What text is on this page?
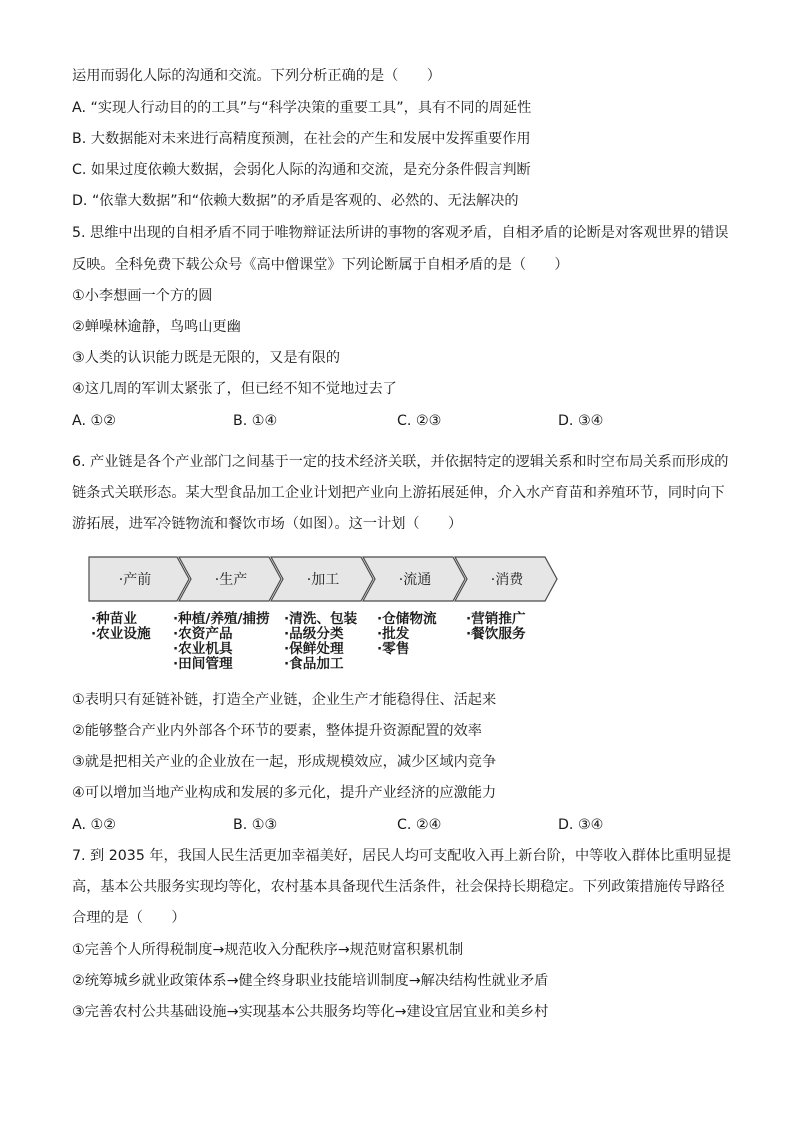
运用而弱化人际的沟通和交流。下列分析正确的是（　　）
A. “实现人行动目的的工具”与“科学决策的重要工具”，具有不同的周延性
B. 大数据能对未来进行高精度预测，在社会的产生和发展中发挥重要作用
C. 如果过度依赖大数据，会弱化人际的沟通和交流，是充分条件假言判断
D. “依靠大数据”和“依赖大数据”的矛盾是客观的、必然的、无法解决的
5. 思维中出现的自相矛盾不同于唯物辩证法所讲的事物的客观矛盾，自相矛盾的论断是对客观世界的错误
反映。全科免费下载公众号《高中僧课堂》下列论断属于自相矛盾的是（　　）
①小李想画一个方的圆
②蝉噪林逾静，鸟鸣山更幽
③人类的认识能力既是无限的，又是有限的
④这几周的军训太紧张了，但已经不知不觉地过去了
A. ①②	B. ①④	C. ②③	D. ③④
6. 产业链是各个产业部门之间基于一定的技术经济关联，并依据特定的逻辑关系和时空布局关系而形成的
链条式关联形态。某大型食品加工企业计划把产业向上游拓展延伸，介入水产育苗和养殖环节，同时向下
游拓展，进军冷链物流和餐饮市场（如图）。这一计划（　　）
·产前	·生产	·加工	·流通	·消费
·种苗业
·农业设施
·种植/养殖/捕捞
·农资产品
·农业机具
·田间管理
·清洗、包装
·品级分类
·保鲜处理
·食品加工
·仓储物流
·批发
·零售
·营销推广
·餐饮服务
①表明只有延链补链，打造全产业链，企业生产才能稳得住、活起来
②能够整合产业内外部各个环节的要素，整体提升资源配置的效率
③就是把相关产业的企业放在一起，形成规模效应，减少区域内竞争
④可以增加当地产业构成和发展的多元化，提升产业经济的应激能力
A. ①②	B. ①③	C. ②④	D. ③④
7. 到 2035 年，我国人民生活更加幸福美好，居民人均可支配收入再上新台阶，中等收入群体比重明显提
高，基本公共服务实现均等化，农村基本具备现代生活条件，社会保持长期稳定。下列政策措施传导路径
合理的是（　　）
①完善个人所得税制度→规范收入分配秩序→规范财富积累机制
②统筹城乡就业政策体系→健全终身职业技能培训制度→解决结构性就业矛盾
③完善农村公共基础设施→实现基本公共服务均等化→建设宜居宜业和美乡村
